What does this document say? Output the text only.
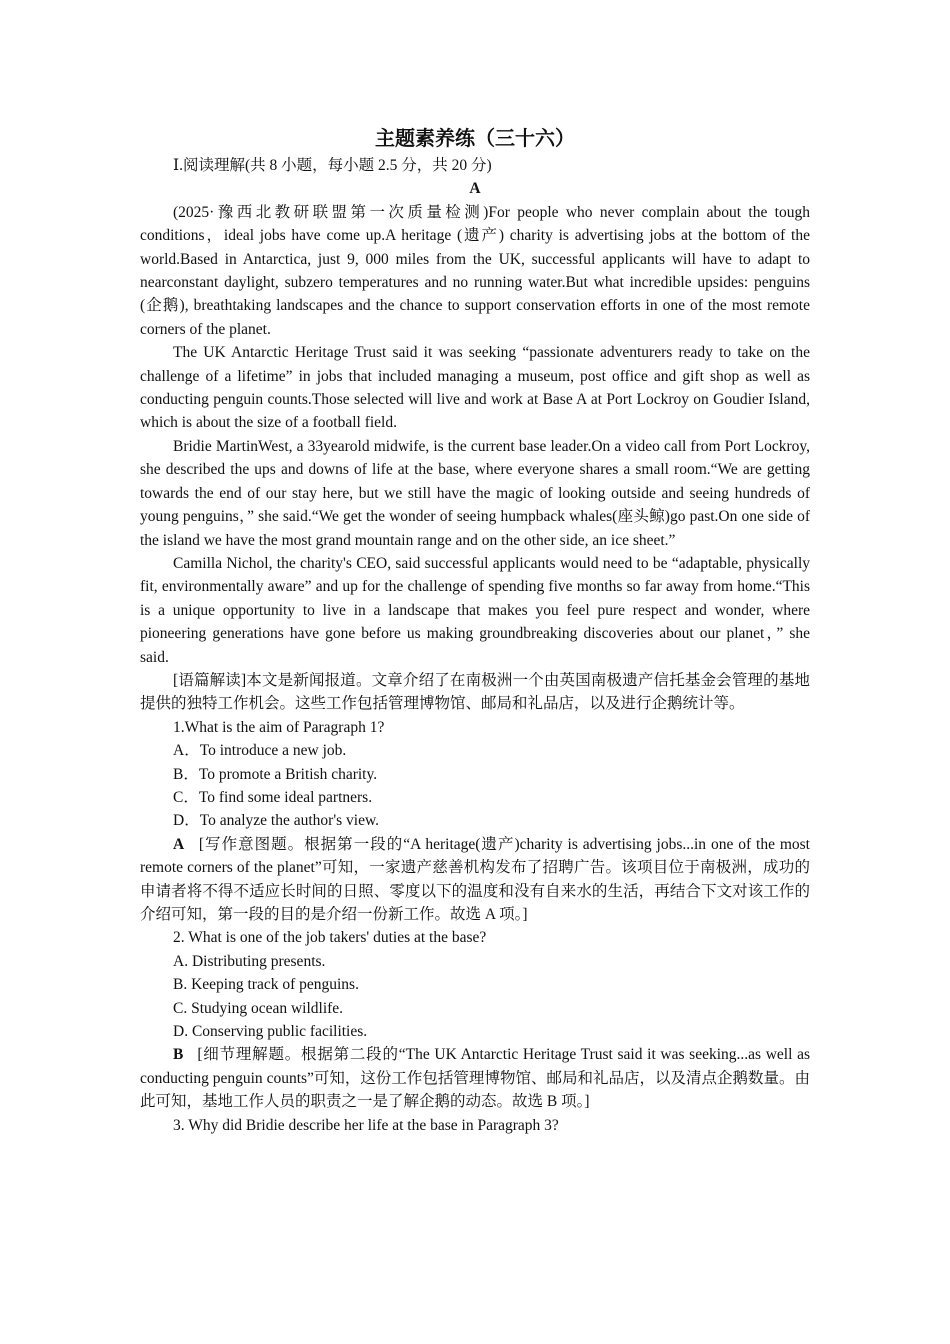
主题素养练（三十六）
Ⅰ.阅读理解(共 8 小题，每小题 2.5 分，共 20 分)
A

(2025·豫西北教研联盟第一次质量检测)For people who never complain about the tough conditions，ideal jobs have come up.A heritage (遗产) charity is advertising jobs at the bottom of the world.Based in Antarctica, just 9, 000 miles from the UK, successful applicants will have to adapt to nearconstant daylight, subzero temperatures and no running water.But what incredible upsides: penguins (企鹅), breathtaking landscapes and the chance to support conservation efforts in one of the most remote corners of the planet.

The UK Antarctic Heritage Trust said it was seeking “passionate adventurers ready to take on the challenge of a lifetime” in jobs that included managing a museum, post office and gift shop as well as conducting penguin counts.Those selected will live and work at Base A at Port Lockroy on Goudier Island, which is about the size of a football field.

Bridie MartinWest, a 33yearold midwife, is the current base leader.On a video call from Port Lockroy, she described the ups and downs of life at the base, where everyone shares a small room.“We are getting towards the end of our stay here, but we still have the magic of looking outside and seeing hundreds of young penguins，” she said.“We get the wonder of seeing humpback whales(座头鲸)go past.On one side of the island we have the most grand mountain range and on the other side, an ice sheet.”

Camilla Nichol, the charity's CEO, said successful applicants would need to be “adaptable, physically fit, environmentally aware” and up for the challenge of spending five months so far away from home.“This is a unique opportunity to live in a landscape that makes you feel pure respect and wonder, where pioneering generations have gone before us making groundbreaking discoveries about our planet，” she said.

[语篇解读]本文是新闻报道。文章介绍了在南极洲一个由英国南极遗产信托基金会管理的基地提供的独特工作机会。这些工作包括管理博物馆、邮局和礼品店，以及进行企鹅统计等。

1.What is the aim of Paragraph 1?

A．To introduce a new job.

B．To promote a British charity.

C．To find some ideal partners.

D．To analyze the author's view.

A [写作意图题。根据第一段的“A heritage(遗产)charity is advertising jobs...in one of the most remote corners of the planet”可知，一家遗产慈善机构发布了招聘广告。该项目位于南极洲，成功的申请者将不得不适应长时间的日照、零度以下的温度和没有自来水的生活，再结合下文对该工作的介绍可知，第一段的目的是介绍一份新工作。故选 A 项。]

2. What is one of the job takers' duties at the base?

A. Distributing presents.

B. Keeping track of penguins.

C. Studying ocean wildlife.

D. Conserving public facilities.

B [细节理解题。根据第二段的“The UK Antarctic Heritage Trust said it was seeking...as well as conducting penguin counts”可知，这份工作包括管理博物馆、邮局和礼品店，以及清点企鹅数量。由此可知，基地工作人员的职责之一是了解企鹅的动态。故选 B 项。]

3. Why did Bridie describe her life at the base in Paragraph 3?
